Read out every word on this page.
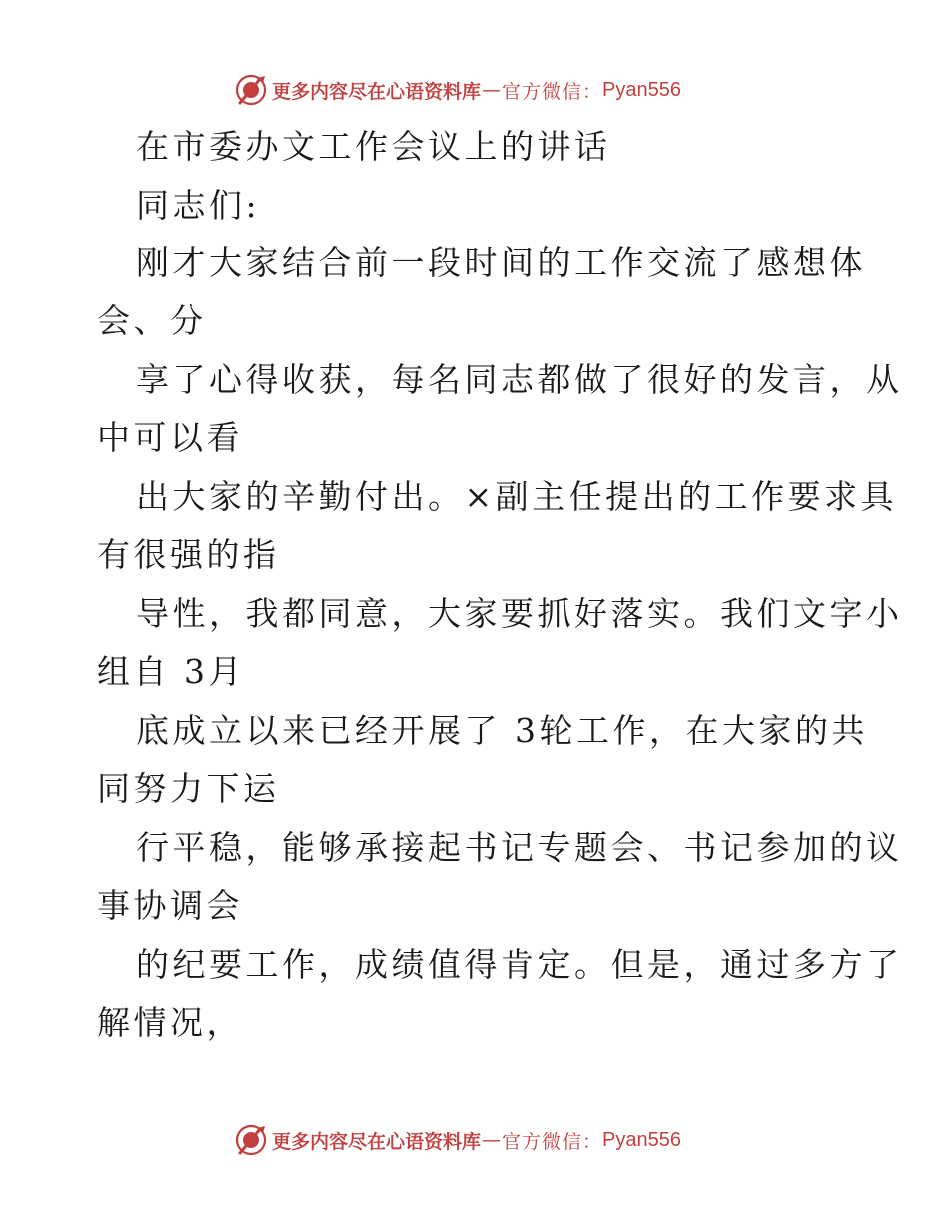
更多内容尽在心语资料库 — 官方微信： Pyan556
在市委办文工作会议上的讲话
同志们:
刚才大家结合前一段时间的工作交流了感想体
会、分
享了心得收获，每名同志都做了很好的发言，从
中可以看
出大家的辛勤付出。×副主任提出的工作要求具
有很强的指
导性，我都同意，大家要抓好落实。我们文字小
组自 3月
底成立以来已经开展了 3轮工作，在大家的共
同努力下运
行平稳，能够承接起书记专题会、书记参加的议
事协调会
的纪要工作，成绩值得肯定。但是，通过多方了
解情况，
更多内容尽在心语资料库 — 官方微信： Pyan556
